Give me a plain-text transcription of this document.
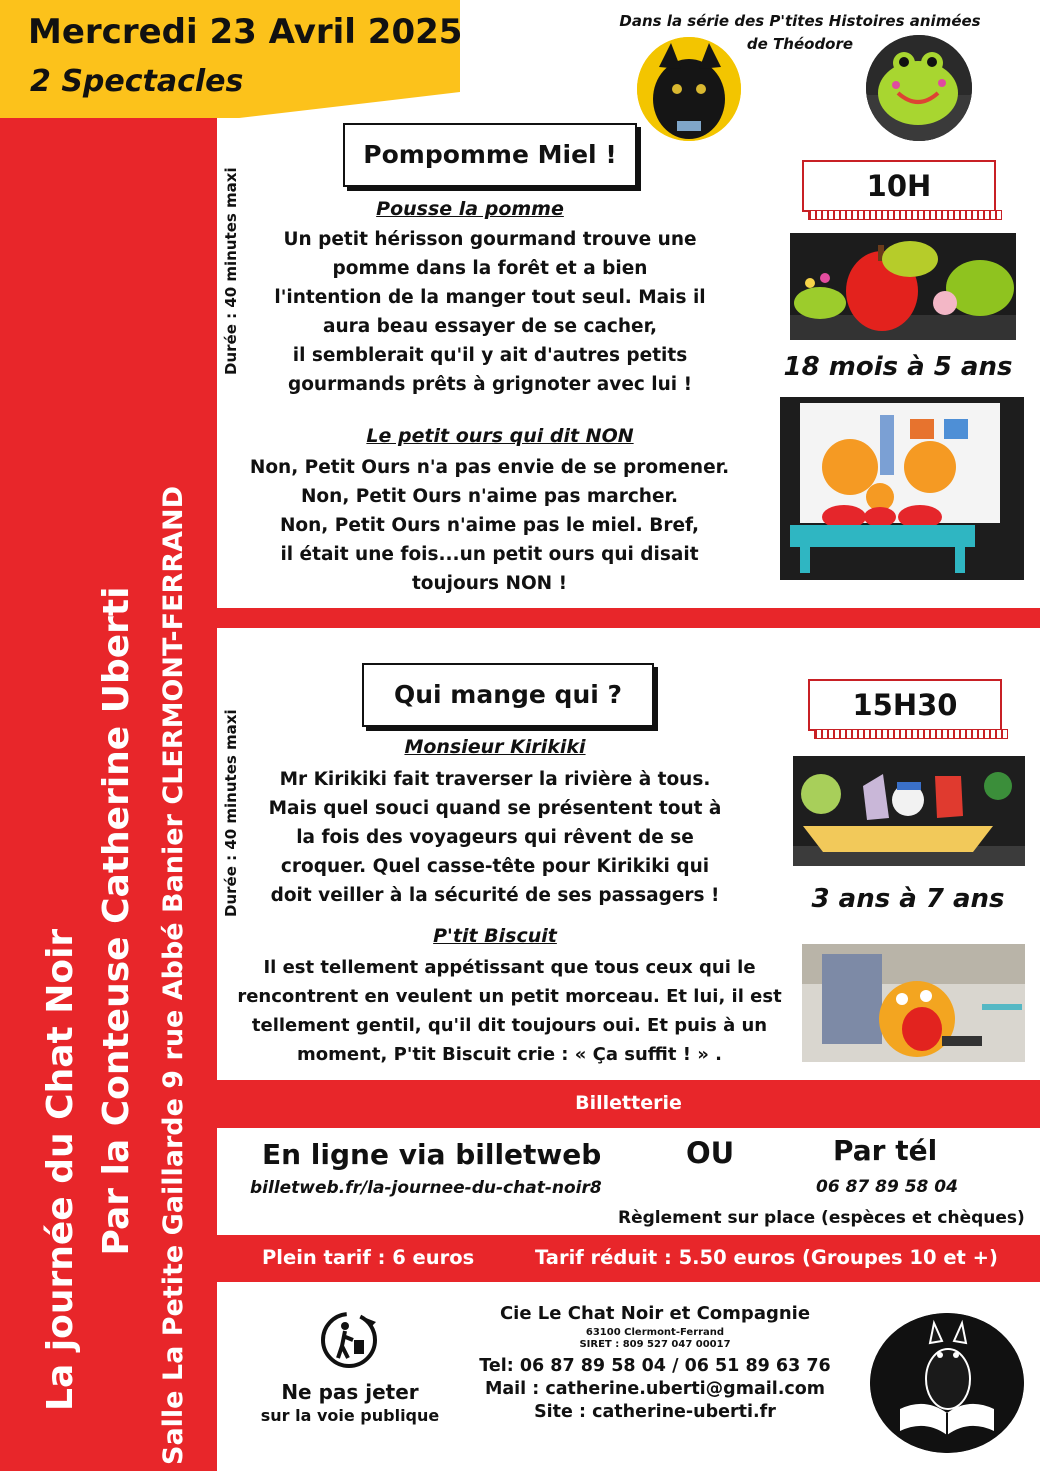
La journée du Chat Noir Par la Conteuse Catherine Uberti Salle La Petite Gaillarde 9 rue Abbé Banier CLERMONT-FERRAND
Mercredi 23 Avril 2025
2 Spectacles
Dans la série des P'tites Histoires animées
de Théodore
Durée : 40 minutes maxi
Pompomme Miel !
10H
Pousse la pomme
Un petit hérisson gourmand trouve une
pomme dans la forêt et a bien
l'intention de la manger tout seul. Mais il
aura beau essayer de se cacher,
il semblerait qu'il y ait d'autres petits
gourmands prêts à grignoter avec lui !
Le petit ours qui dit NON
Non, Petit Ours n'a pas envie de se promener.
Non, Petit Ours n'aime pas marcher.
Non, Petit Ours n'aime pas le miel. Bref,
il était une fois...un petit ours qui disait
toujours NON !
18 mois à 5 ans
Durée : 40 minutes maxi
Qui mange qui ?	15H30
Monsieur Kirikiki
Mr Kirikiki fait traverser la rivière à tous.
Mais quel souci quand se présentent tout à
la fois des voyageurs qui rêvent de se
croquer. Quel casse-tête pour Kirikiki qui
doit veiller à la sécurité de ses passagers !
P'tit Biscuit
Il est tellement appétissant que tous ceux qui le
rencontrent en veulent un petit morceau. Et lui, il est
tellement gentil, qu'il dit toujours oui. Et puis à un
moment, P'tit Biscuit crie : « Ça suffit ! » .
3 ans à 7 ans
Billetterie
En ligne via billetweb
billetweb.fr/la-journee-du-chat-noir8
OU	Par tél
06 87 89 58 04
Règlement sur place (espèces et chèques)
Plein tarif : 6 euros	Tarif réduit : 5.50 euros (Groupes 10 et +)
Ne pas jeter
sur la voie publique
Cie Le Chat Noir et Compagnie
63100 Clermont-Ferrand
SIRET : 809 527 047 00017
Tel: 06 87 89 58 04 / 06 51 89 63 76
Mail : catherine.uberti@gmail.com
Site : catherine-uberti.fr
